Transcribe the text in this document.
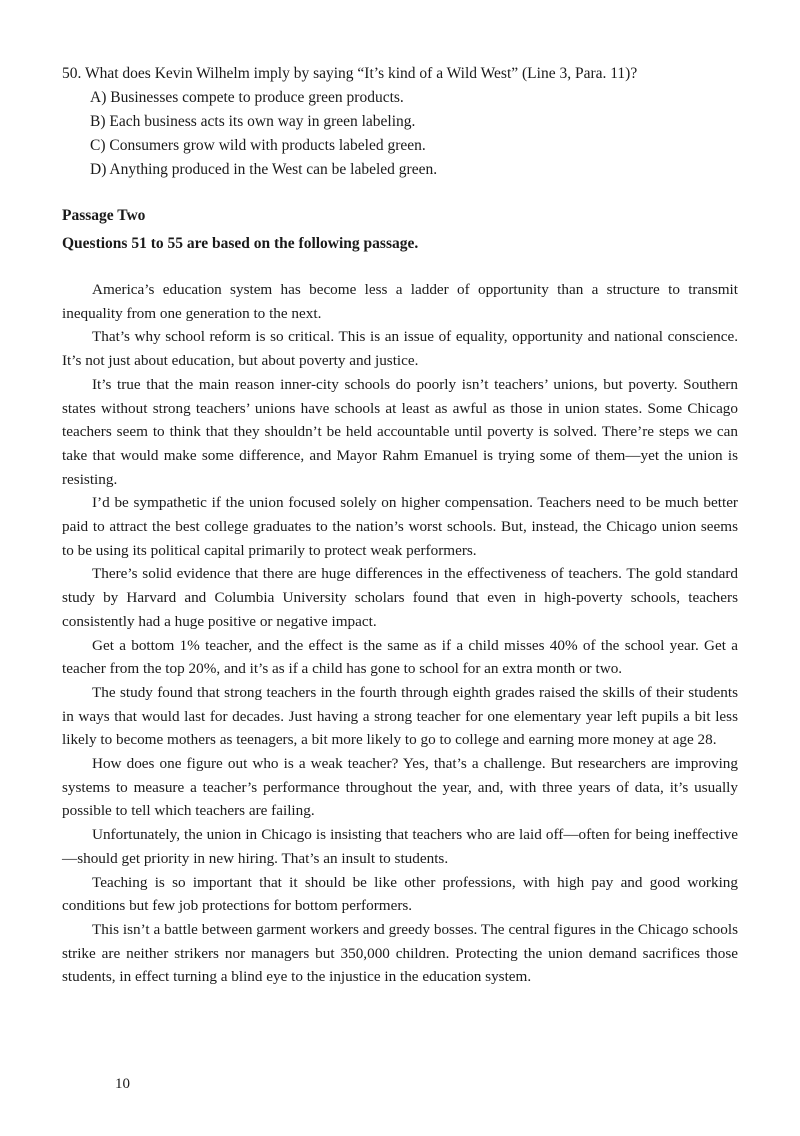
50. What does Kevin Wilhelm imply by saying “It’s kind of a Wild West” (Line 3, Para. 11)?
A) Businesses compete to produce green products.
B) Each business acts its own way in green labeling.
C) Consumers grow wild with products labeled green.
D) Anything produced in the West can be labeled green.
Passage Two
Questions 51 to 55 are based on the following passage.

America’s education system has become less a ladder of opportunity than a structure to transmit inequality from one generation to the next.

That’s why school reform is so critical. This is an issue of equality, opportunity and national conscience. It’s not just about education, but about poverty and justice.

It’s true that the main reason inner-city schools do poorly isn’t teachers’ unions, but poverty. Southern states without strong teachers’ unions have schools at least as awful as those in union states. Some Chicago teachers seem to think that they shouldn’t be held accountable until poverty is solved. There’re steps we can take that would make some difference, and Mayor Rahm Emanuel is trying some of them—yet the union is resisting.

I’d be sympathetic if the union focused solely on higher compensation. Teachers need to be much better paid to attract the best college graduates to the nation’s worst schools. But, instead, the Chicago union seems to be using its political capital primarily to protect weak performers.

There’s solid evidence that there are huge differences in the effectiveness of teachers. The gold standard study by Harvard and Columbia University scholars found that even in high-poverty schools, teachers consistently had a huge positive or negative impact.

Get a bottom 1% teacher, and the effect is the same as if a child misses 40% of the school year. Get a teacher from the top 20%, and it’s as if a child has gone to school for an extra month or two.

The study found that strong teachers in the fourth through eighth grades raised the skills of their students in ways that would last for decades. Just having a strong teacher for one elementary year left pupils a bit less likely to become mothers as teenagers, a bit more likely to go to college and earning more money at age 28.

How does one figure out who is a weak teacher? Yes, that’s a challenge. But researchers are improving systems to measure a teacher’s performance throughout the year, and, with three years of data, it’s usually possible to tell which teachers are failing.

Unfortunately, the union in Chicago is insisting that teachers who are laid off—often for being ineffective—should get priority in new hiring. That’s an insult to students.

Teaching is so important that it should be like other professions, with high pay and good working conditions but few job protections for bottom performers.

This isn’t a battle between garment workers and greedy bosses. The central figures in the Chicago schools strike are neither strikers nor managers but 350,000 children. Protecting the union demand sacrifices those students, in effect turning a blind eye to the injustice in the education system.

10
